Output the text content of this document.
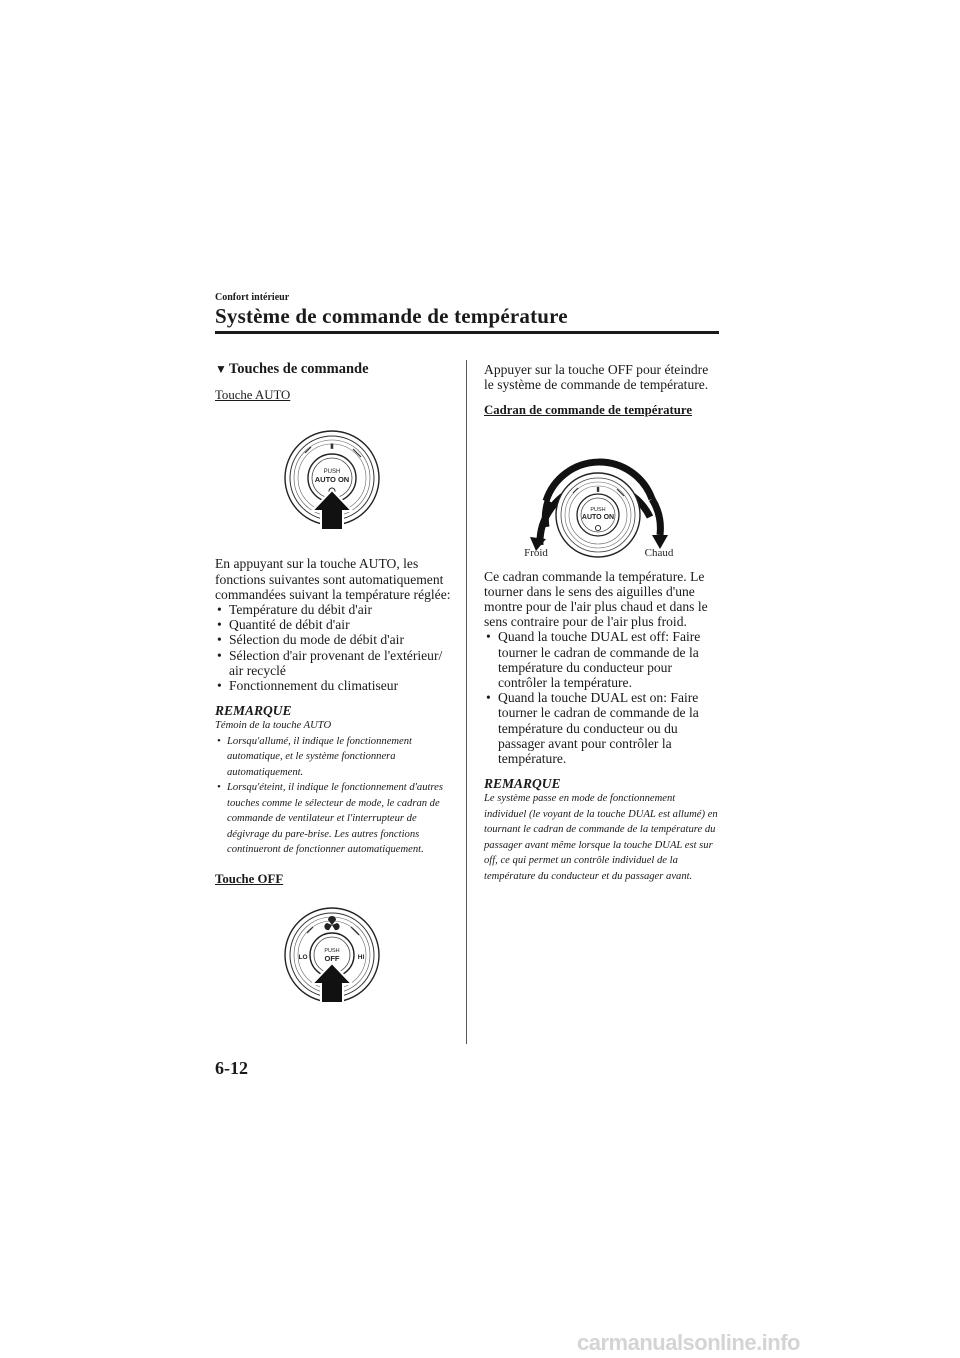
Confort intérieur
Système de commande de température
▼ Touches de commande

Touche AUTO

▮
PUSH
AUTO ON

En appuyant sur la touche AUTO, les fonctions suivantes sont automatiquement commandées suivant la température réglée:

• Température du débit d'air
• Quantité de débit d'air
• Sélection du mode de débit d'air
• Sélection d'air provenant de l'extérieur/ air recyclé
• Fonctionnement du climatiseur
REMARQUE
Témoin de la touche AUTO
• Lorsqu'allumé, il indique le fonctionnement automatique, et le système fonctionnera automatiquement.
• Lorsqu'éteint, il indique le fonctionnement d'autres touches comme le sélecteur de mode, le cadran de commande de ventilateur et l'interrupteur de dégivrage du pare-brise. Les autres fonctions continueront de fonctionner automatiquement.

Touche OFF

LO	HI
PUSH
OFF

Appuyer sur la touche OFF pour éteindre le système de commande de température.

Cadran de commande de température

▮
PUSH
AUTO ON
Froid	Chaud

Ce cadran commande la température. Le tourner dans le sens des aiguilles d'une montre pour de l'air plus chaud et dans le sens contraire pour de l'air plus froid.

• Quand la touche DUAL est off: Faire tourner le cadran de commande de la température du conducteur pour contrôler la température.
• Quand la touche DUAL est on: Faire tourner le cadran de commande de la température du conducteur ou du passager avant pour contrôler la température.
REMARQUE
Le système passe en mode de fonctionnement individuel (le voyant de la touche DUAL est allumé) en tournant le cadran de commande de la température du passager avant même lorsque la touche DUAL est sur off, ce qui permet un contrôle individuel de la température du conducteur et du passager avant.
6-12
carmanualsonline.info
